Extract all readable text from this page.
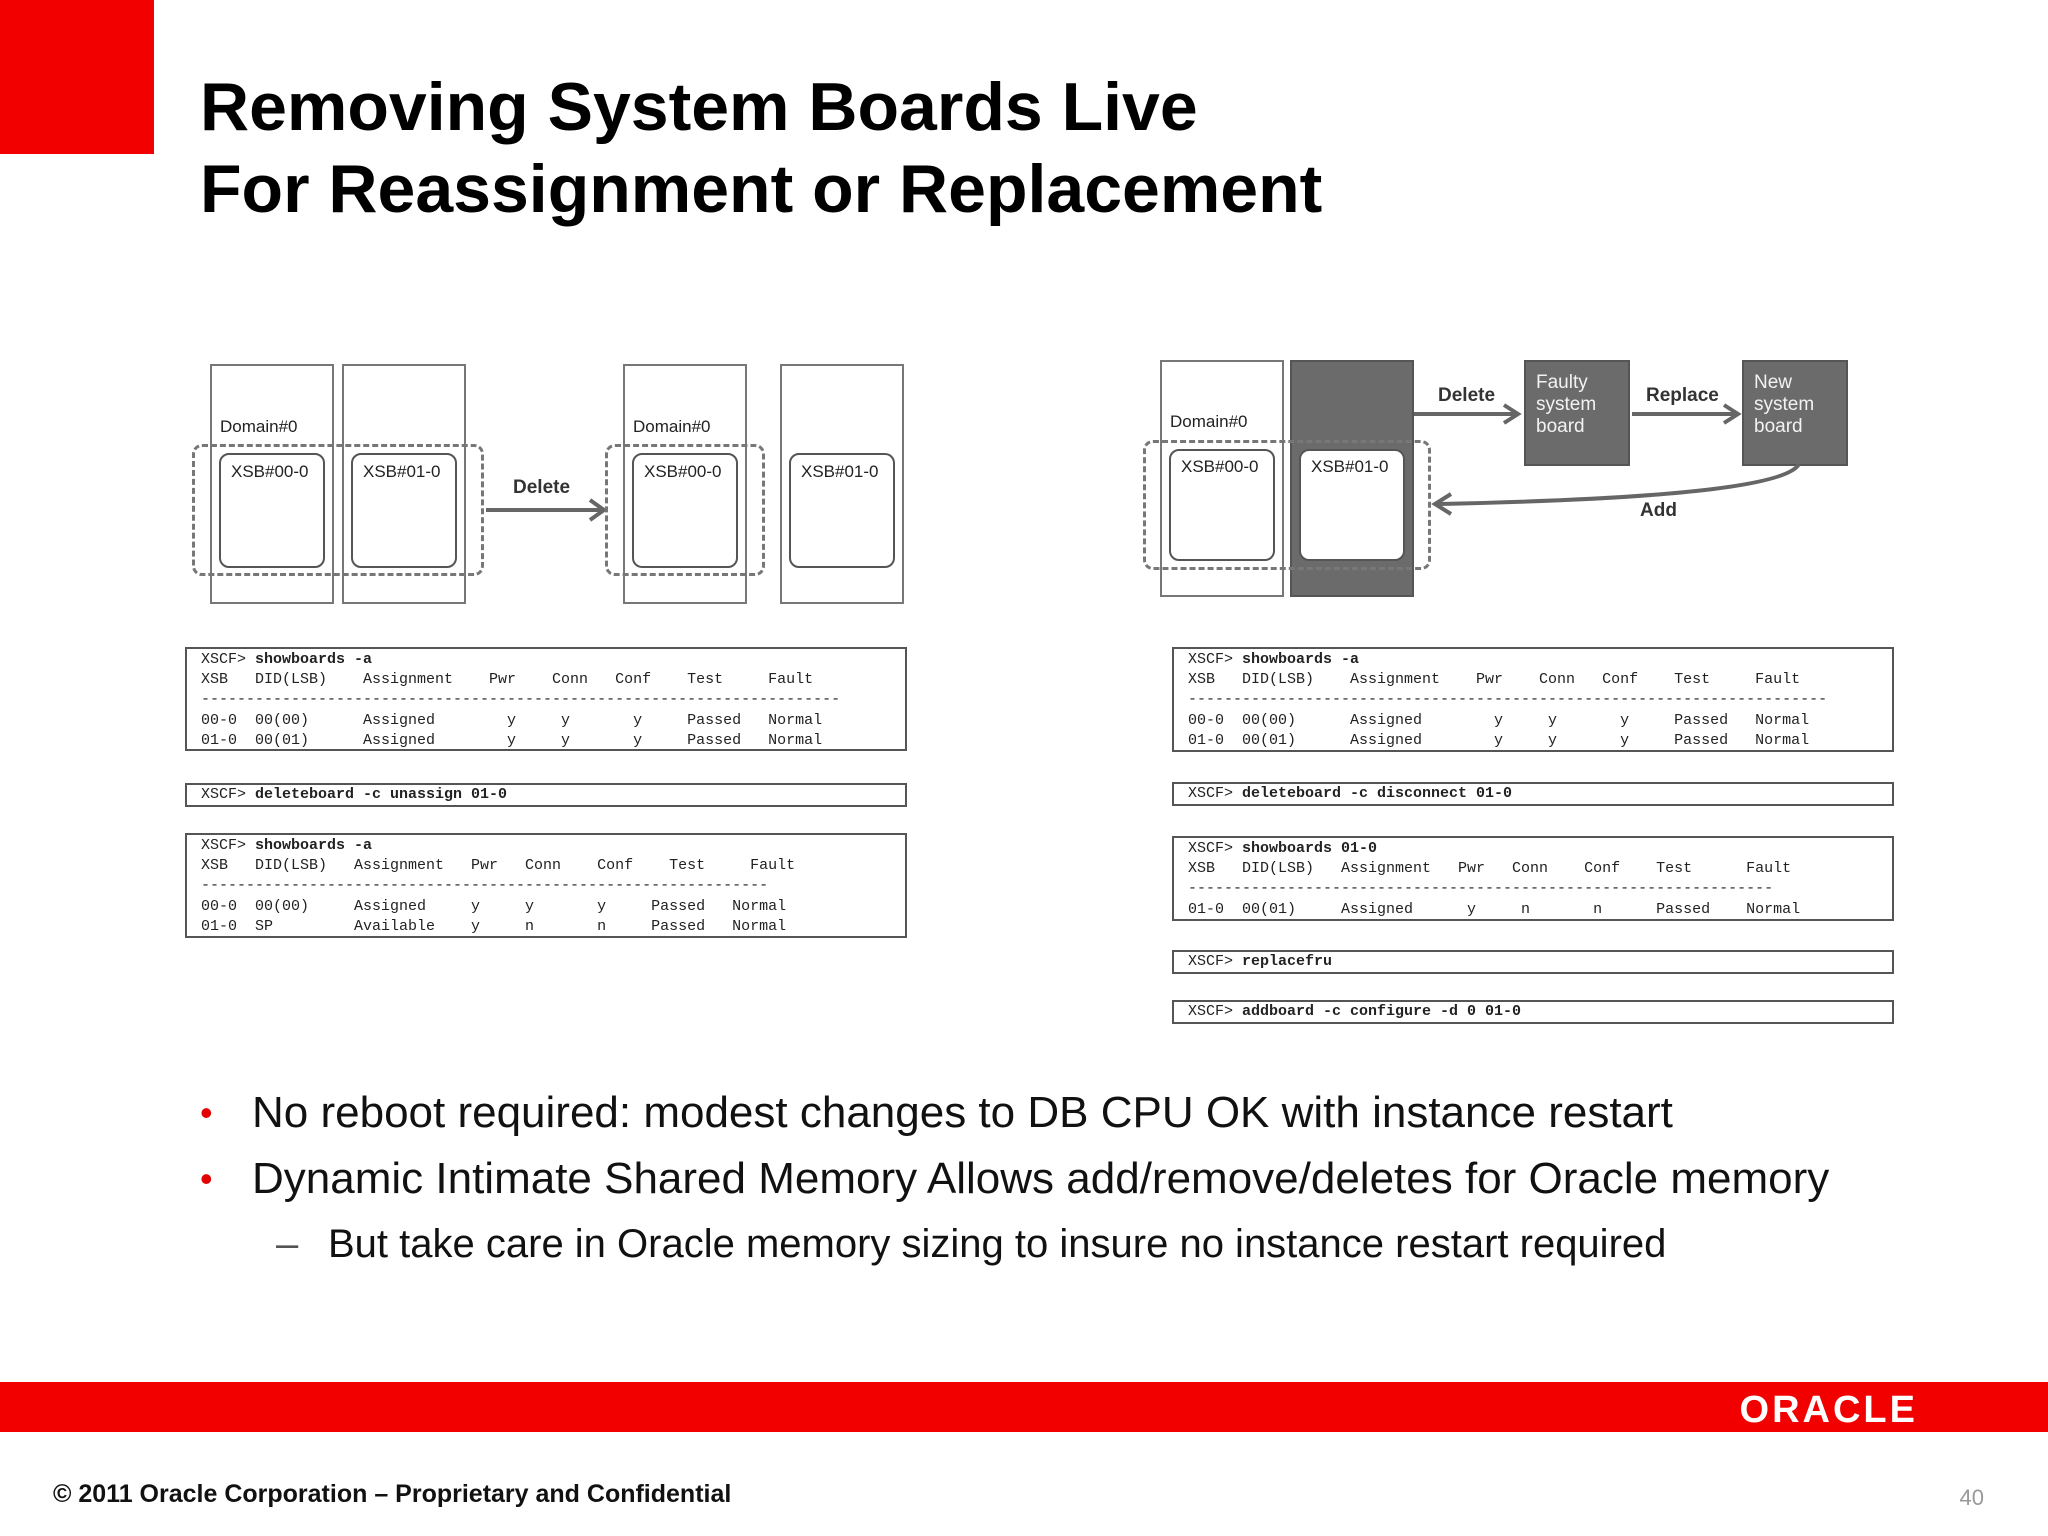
Removing System Boards Live
For Reassignment or Replacement
Domain#0
XSB#00-0	XSB#01-0
Delete
Domain#0
XSB#00-0	XSB#01-0
Domain#0
XSB#00-0	XSB#01-0
Delete
Faulty
system
board
Replace
New
system
board
Add
XSCF> showboards -a
XSB   DID(LSB)    Assignment    Pwr    Conn   Conf    Test     Fault
-----------------------------------------------------------------------
00-0  00(00)      Assigned        y     y       y     Passed   Normal
01-0  00(01)      Assigned        y     y       y     Passed   Normal
XSCF> deleteboard -c unassign 01-0
XSCF> showboards -a
XSB   DID(LSB)   Assignment   Pwr   Conn    Conf    Test     Fault
---------------------------------------------------------------
00-0  00(00)     Assigned     y     y       y     Passed   Normal
01-0  SP         Available    y     n       n     Passed   Normal
XSCF> showboards -a
XSB   DID(LSB)    Assignment    Pwr    Conn   Conf    Test     Fault
-----------------------------------------------------------------------
00-0  00(00)      Assigned        y     y       y     Passed   Normal
01-0  00(01)      Assigned        y     y       y     Passed   Normal
XSCF> deleteboard -c disconnect 01-0
XSCF> showboards 01-0
XSB   DID(LSB)   Assignment   Pwr   Conn    Conf    Test      Fault
-----------------------------------------------------------------
01-0  00(01)     Assigned      y     n       n      Passed    Normal
XSCF> replacefru
XSCF> addboard -c configure -d 0 01-0
• No reboot required: modest changes to DB CPU OK with instance restart
• Dynamic Intimate Shared Memory Allows add/remove/deletes for Oracle memory
– But take care in Oracle memory sizing to insure no instance restart required
ORACLE
© 2011 Oracle Corporation – Proprietary and Confidential	40
